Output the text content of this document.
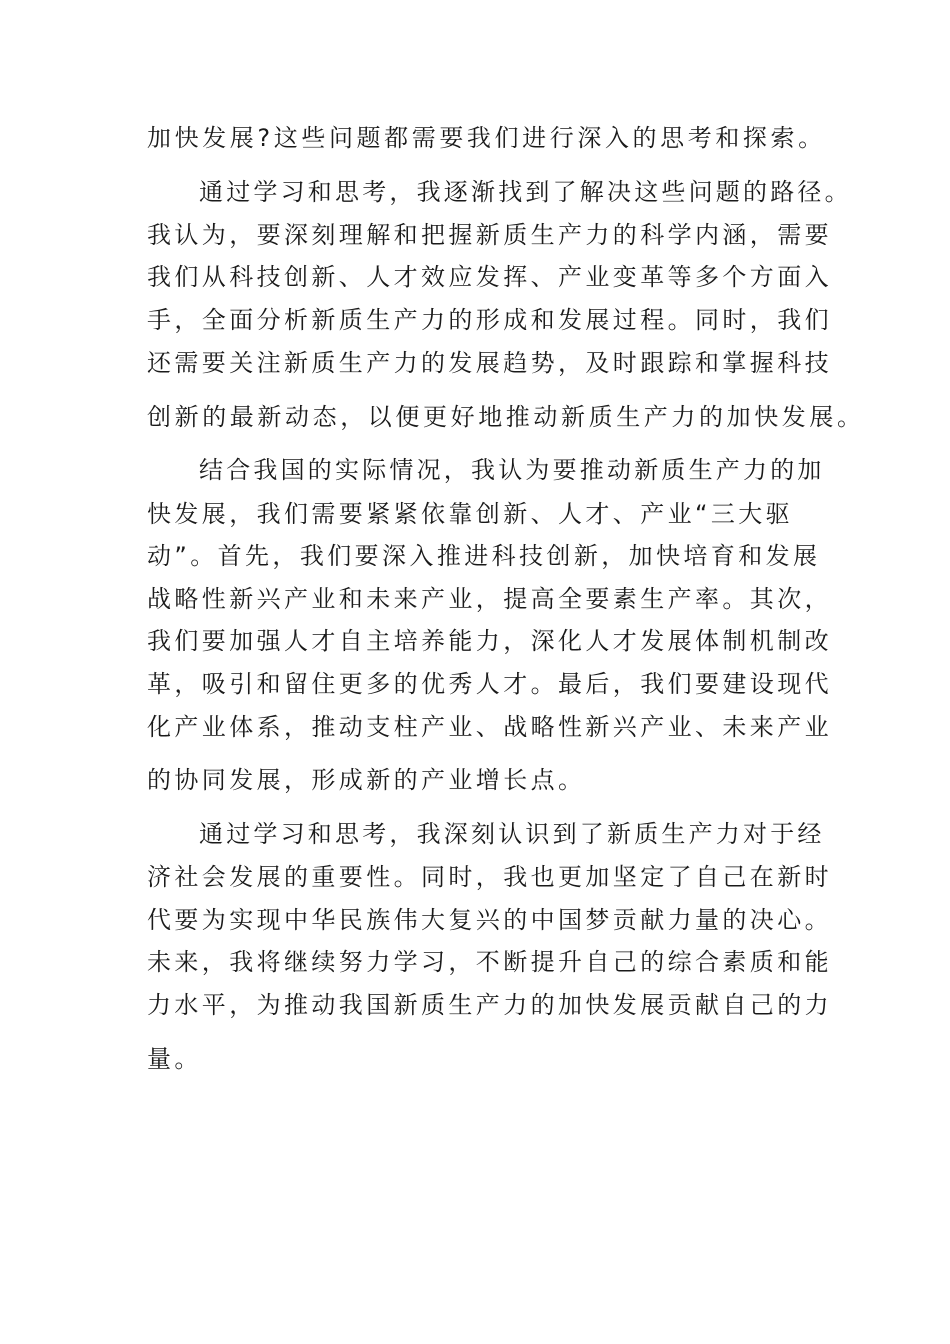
加快发展?这些问题都需要我们进行深入的思考和探索。

通过学习和思考，我逐渐找到了解决这些问题的路径。

我认为，要深刻理解和把握新质生产力的科学内涵，需要

我们从科技创新、人才效应发挥、产业变革等多个方面入

手，全面分析新质生产力的形成和发展过程。同时，我们

还需要关注新质生产力的发展趋势，及时跟踪和掌握科技

创新的最新动态，以便更好地推动新质生产力的加快发展。

结合我国的实际情况，我认为要推动新质生产力的加

快发展，我们需要紧紧依靠创新、人才、产业“三大驱

动”。首先，我们要深入推进科技创新，加快培育和发展

战略性新兴产业和未来产业，提高全要素生产率。其次，

我们要加强人才自主培养能力，深化人才发展体制机制改

革，吸引和留住更多的优秀人才。最后，我们要建设现代

化产业体系，推动支柱产业、战略性新兴产业、未来产业

的协同发展，形成新的产业增长点。

通过学习和思考，我深刻认识到了新质生产力对于经

济社会发展的重要性。同时，我也更加坚定了自己在新时

代要为实现中华民族伟大复兴的中国梦贡献力量的决心。

未来，我将继续努力学习，不断提升自己的综合素质和能

力水平，为推动我国新质生产力的加快发展贡献自己的力

量。
